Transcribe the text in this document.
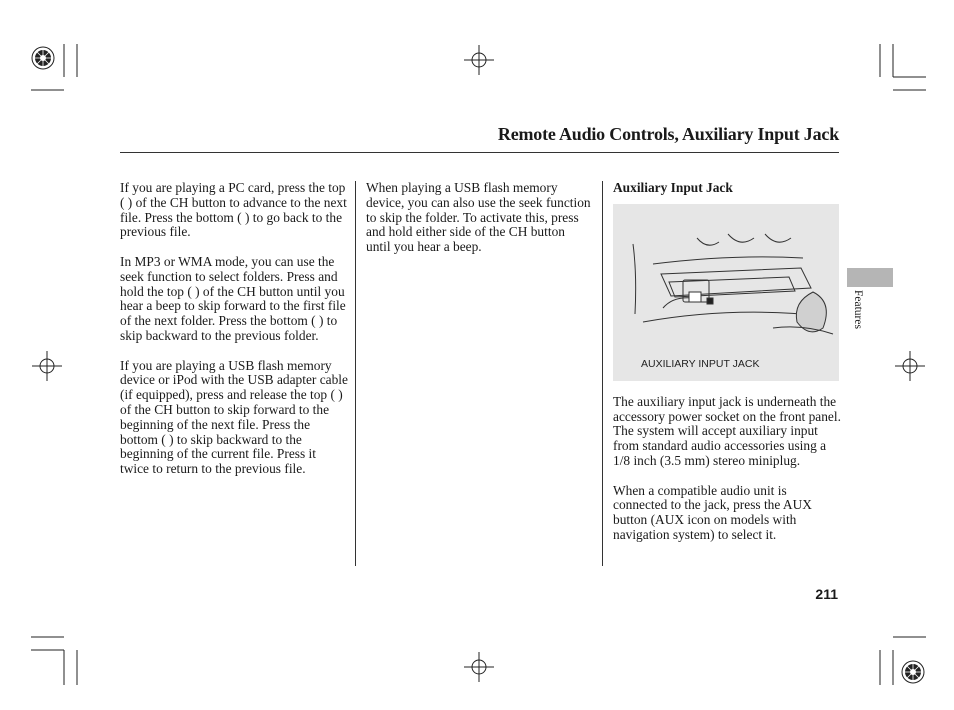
Remote Audio Controls, Auxiliary Input Jack

If you are playing a PC card, press the top ( ) of the CH button to advance to the next file. Press the bottom ( ) to go back to the previous file.

In MP3 or WMA mode, you can use the seek function to select folders. Press and hold the top ( ) of the CH button until you hear a beep to skip forward to the first file of the next folder. Press the bottom ( ) to skip backward to the previous folder.

If you are playing a USB flash memory device or iPod with the USB adapter cable (if equipped), press and release the top ( ) of the CH button to skip forward to the beginning of the next file. Press the bottom ( ) to skip backward to the beginning of the current file. Press it twice to return to the previous file.

When playing a USB flash memory device, you can also use the seek function to skip the folder. To activate this, press and hold either side of the CH button until you hear a beep.

Auxiliary Input Jack
AUXILIARY INPUT JACK

The auxiliary input jack is underneath the accessory power socket on the front panel. The system will accept auxiliary input from standard audio accessories using a 1/8 inch (3.5 mm) stereo miniplug.

When a compatible audio unit is connected to the jack, press the AUX button (AUX icon on models with navigation system) to select it.

Features
211
